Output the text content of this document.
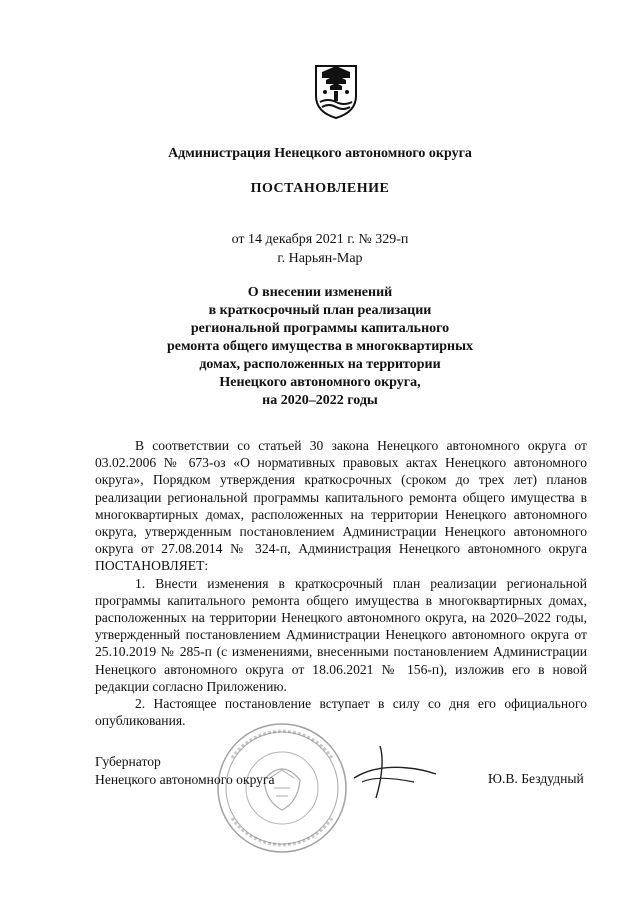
Администрация Ненецкого автономного округа
ПОСТАНОВЛЕНИЕ
от 14 декабря 2021 г. № 329-п
г. Нарьян-Мар
О внесении изменений
в краткосрочный план реализации
региональной программы капитального
ремонта общего имущества в многоквартирных
домах, расположенных на территории
Ненецкого автономного округа,
на 2020–2022 годы

В соответствии со статьей 30 закона Ненецкого автономного округа от 03.02.2006 № 673-оз «О нормативных правовых актах Ненецкого автономного округа», Порядком утверждения краткосрочных (сроком до трех лет) планов реализации региональной программы капитального ремонта общего имущества в многоквартирных домах, расположенных на территории Ненецкого автономного округа, утвержденным постановлением Администрации Ненецкого автономного округа от 27.08.2014 № 324-п, Администрация Ненецкого автономного округа ПОСТАНОВЛЯЕТ:

1. Внести изменения в краткосрочный план реализации региональной программы капитального ремонта общего имущества в многоквартирных домах, расположенных на территории Ненецкого автономного округа, на 2020–2022 годы, утвержденный постановлением Администрации Ненецкого автономного округа от 25.10.2019 № 285-п (с изменениями, внесенными постановлением Администрации Ненецкого автономного округа от 18.06.2021 № 156-п), изложив его в новой редакции согласно Приложению.

2. Настоящее постановление вступает в силу со дня его официального опубликования.

Губернатор
Ненецкого автономного округа	Ю.В. Бездудный
